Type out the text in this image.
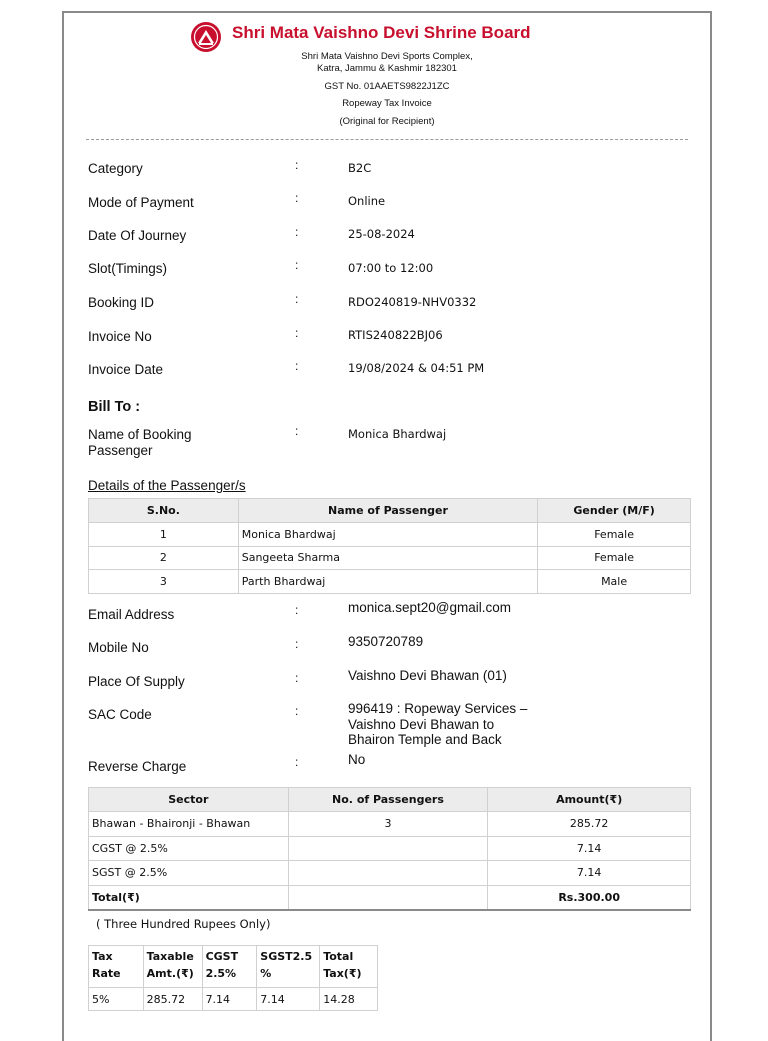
Shri Mata Vaishno Devi Shrine Board
Shri Mata Vaishno Devi Sports Complex,
Katra, Jammu & Kashmir 182301
GST No. 01AAETS9822J1ZC
Ropeway Tax Invoice
(Original for Recipient)
Category	:	B2C
Mode of Payment	:	Online
Date Of Journey	:	25-08-2024
Slot(Timings)	:	07:00 to 12:00
Booking ID	:	RDO240819-NHV0332
Invoice No	:	RTIS240822BJ06
Invoice Date	:	19/08/2024 & 04:51 PM
Bill To :
Name of Booking Passenger
:	Monica Bhardwaj
Details of the Passenger/s
S.No.	Name of Passenger	Gender (M/F)
1	Monica Bhardwaj	Female
2	Sangeeta Sharma	Female
3	Parth Bhardwaj	Male
Email Address	:	monica.sept20@gmail.com
Mobile No	:	9350720789
Place Of Supply	:	Vaishno Devi Bhawan (01)
SAC Code	:	996419 : Ropeway Services – Vaishno Devi Bhawan to Bhairon Temple and Back
Reverse Charge	:	No
Sector	No. of Passengers	Amount(₹)
Bhawan - Bhaironji - Bhawan	3	285.72
CGST @ 2.5%		7.14
SGST @ 2.5%		7.14
Total(₹)		Rs.300.00
( Three Hundred Rupees Only)
Tax Rate	Taxable Amt.(₹)	CGST 2.5%	SGST2.5 %	Total Tax(₹)
5%	285.72	7.14	7.14	14.28
